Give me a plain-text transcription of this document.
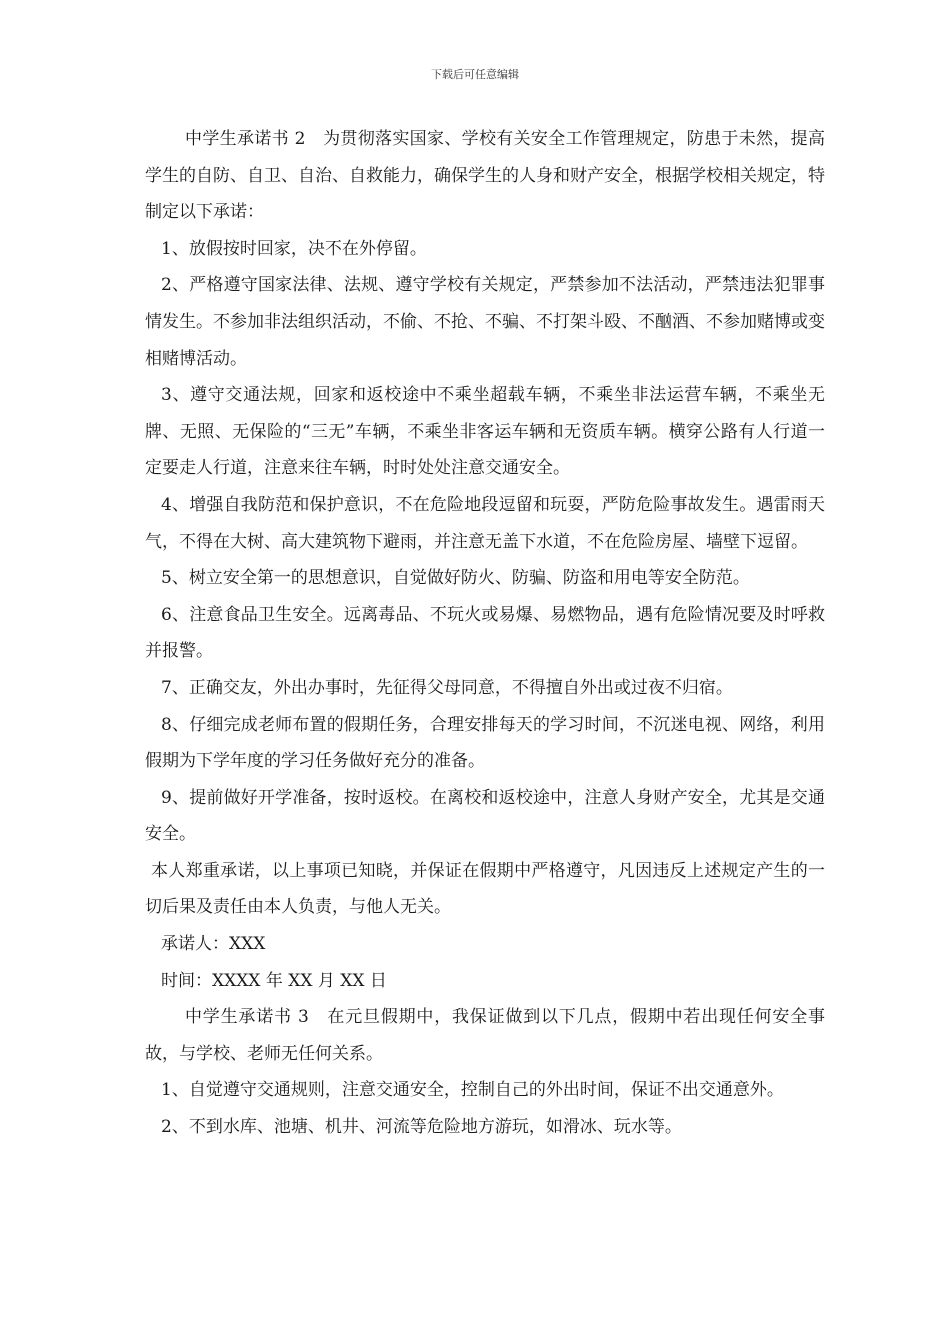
下载后可任意编辑

中学生承诺书 2　为贯彻落实国家、学校有关安全工作管理规定，防患于未然，提高学生的自防、自卫、自治、自救能力，确保学生的人身和财产安全，根据学校相关规定，特制定以下承诺：

1、放假按时回家，决不在外停留。

2、严格遵守国家法律、法规、遵守学校有关规定，严禁参加不法活动，严禁违法犯罪事情发生。不参加非法组织活动，不偷、不抢、不骗、不打架斗殴、不酗酒、不参加赌博或变相赌博活动。

3、遵守交通法规，回家和返校途中不乘坐超载车辆，不乘坐非法运营车辆，不乘坐无牌、无照、无保险的“三无”车辆，不乘坐非客运车辆和无资质车辆。横穿公路有人行道一定要走人行道，注意来往车辆，时时处处注意交通安全。

4、增强自我防范和保护意识，不在危险地段逗留和玩耍，严防危险事故发生。遇雷雨天气，不得在大树、高大建筑物下避雨，并注意无盖下水道，不在危险房屋、墙壁下逗留。

5、树立安全第一的思想意识，自觉做好防火、防骗、防盗和用电等安全防范。

6、注意食品卫生安全。远离毒品、不玩火或易爆、易燃物品，遇有危险情况要及时呼救并报警。

7、正确交友，外出办事时，先征得父母同意，不得擅自外出或过夜不归宿。

8、仔细完成老师布置的假期任务，合理安排每天的学习时间，不沉迷电视、网络，利用假期为下学年度的学习任务做好充分的准备。

9、提前做好开学准备，按时返校。在离校和返校途中，注意人身财产安全，尤其是交通安全。

本人郑重承诺，以上事项已知晓，并保证在假期中严格遵守，凡因违反上述规定产生的一切后果及责任由本人负责，与他人无关。

承诺人：XXX

时间：XXXX 年 XX 月 XX 日

中学生承诺书 3　在元旦假期中，我保证做到以下几点，假期中若出现任何安全事故，与学校、老师无任何关系。

1、自觉遵守交通规则，注意交通安全，控制自己的外出时间，保证不出交通意外。

2、不到水库、池塘、机井、河流等危险地方游玩，如滑冰、玩水等。
